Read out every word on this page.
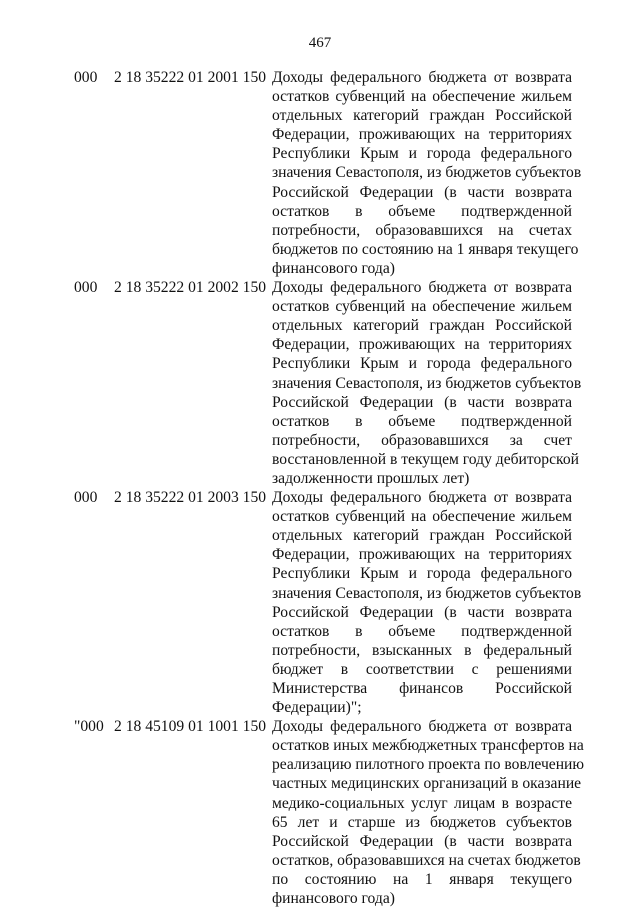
467
000	2 18 35222 01 2001 150 Доходы федерального бюджета от возврата
остатков субвенций на обеспечение жильем
отдельных категорий граждан Российской
Федерации, проживающих на территориях
Республики Крым и города федерального
значения Севастополя, из бюджетов субъектов
Российской Федерации (в части возврата
остатков в объеме подтвержденной
потребности, образовавшихся на счетах
бюджетов по состоянию на 1 января текущего
финансового года)
000	2 18 35222 01 2002 150 Доходы федерального бюджета от возврата
остатков субвенций на обеспечение жильем
отдельных категорий граждан Российской
Федерации, проживающих на территориях
Республики Крым и города федерального
значения Севастополя, из бюджетов субъектов
Российской Федерации (в части возврата
остатков в объеме подтвержденной
потребности, образовавшихся за счет
восстановленной в текущем году дебиторской
задолженности прошлых лет)
000	2 18 35222 01 2003 150 Доходы федерального бюджета от возврата
остатков субвенций на обеспечение жильем
отдельных категорий граждан Российской
Федерации, проживающих на территориях
Республики Крым и города федерального
значения Севастополя, из бюджетов субъектов
Российской Федерации (в части возврата
остатков в объеме подтвержденной
потребности, взысканных в федеральный
бюджет в соответствии с решениями
Министерства финансов Российской
Федерации)";
"000 2 18 45109 01 1001 150 Доходы федерального бюджета от возврата
остатков иных межбюджетных трансфертов на
реализацию пилотного проекта по вовлечению
частных медицинских организаций в оказание
медико-социальных услуг лицам в возрасте
65 лет и старше из бюджетов субъектов
Российской Федерации (в части возврата
остатков, образовавшихся на счетах бюджетов
по состоянию на 1 января текущего
финансового года)
